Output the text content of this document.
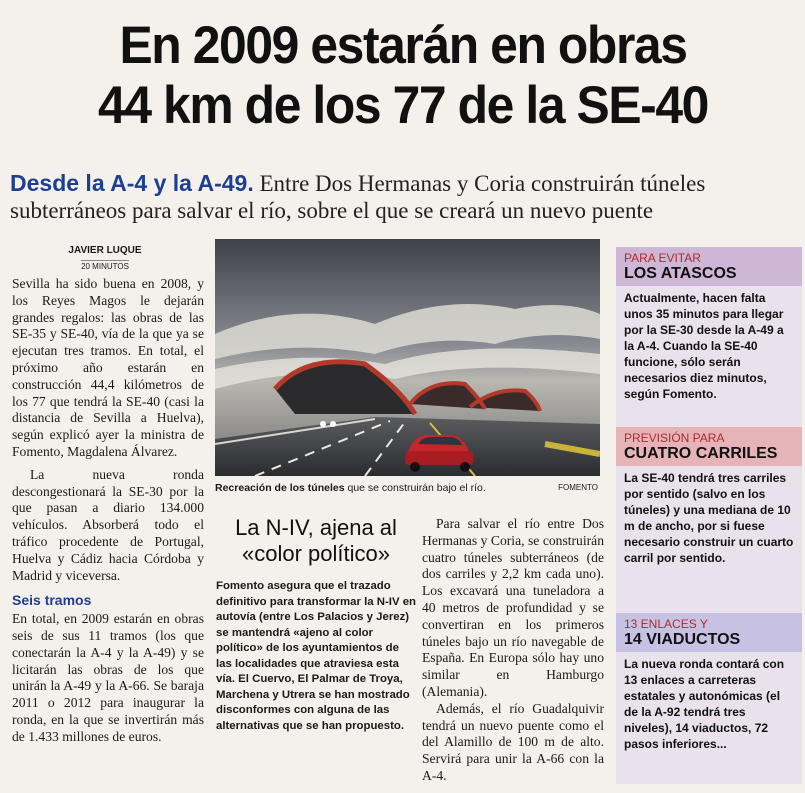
En 2009 estarán en obras
44 km de los 77 de la SE-40
Desde la A-4 y la A-49. Entre Dos Hermanas y Coria construirán túneles subterráneos para salvar el río, sobre el que se creará un nuevo puente
JAVIER LUQUE
20 MINUTOS

Sevilla ha sido buena en 2008, y los Reyes Magos le dejarán grandes regalos: las obras de las SE-35 y SE-40, vía de la que ya se ejecutan tres tramos. En total, el próximo año estarán en construcción 44,4 kilómetros de los 77 que tendrá la SE-40 (casi la distancia de Sevilla a Huelva), según explicó ayer la ministra de Fomento, Magdalena Álvarez.

La nueva ronda descongestionará la SE-30 por la que pasan a diario 134.000 vehículos. Absorberá todo el tráfico procedente de Portugal, Huelva y Cádiz hacia Córdoba y Madrid y viceversa.

Seis tramos

En total, en 2009 estarán en obras seis de sus 11 tramos (los que conectarán la A-4 y la A-49) y se licitarán las obras de los que unirán la A-49 y la A-66. Se baraja 2011 o 2012 para inaugurar la ronda, en la que se invertirán más de 1.433 millones de euros.

Recreación de los túneles que se construirán bajo el río.	FOMENTO
La N-IV, ajena al «color político»
Fomento asegura que el trazado definitivo para transformar la N-IV en autovía (entre Los Palacios y Jerez) se mantendrá «ajeno al color político» de los ayuntamientos de las localidades que atraviesa esta vía. El Cuervo, El Palmar de Troya, Marchena y Utrera se han mostrado disconformes con alguna de las alternativas que se han propuesto.

Para salvar el río entre Dos Hermanas y Coria, se construirán cuatro túneles subterráneos (de dos carriles y 2,2 km cada uno). Los excavará una tuneladora a 40 metros de profundidad y se convertiran en los primeros túneles bajo un río navegable de España. En Europa sólo hay uno similar en Hamburgo (Alemania).

Además, el río Guadalquivir tendrá un nuevo puente como el del Alamillo de 100 m de alto. Servirá para unir la A-66 con la A-4.

PARA EVITAR
LOS ATASCOS
Actualmente, hacen falta unos 35 minutos para llegar por la SE-30 desde la A-49 a la A-4. Cuando la SE-40 funcione, sólo serán necesarios diez minutos, según Fomento.
PREVISIÓN PARA
CUATRO CARRILES
La SE-40 tendrá tres carriles por sentido (salvo en los túneles) y una mediana de 10 m de ancho, por si fuese necesario construir un cuarto carril por sentido.
13 ENLACES Y
14 VIADUCTOS
La nueva ronda contará con 13 enlaces a carreteras estatales y autonómicas (el de la A-92 tendrá tres niveles), 14 viaductos, 72 pasos inferiores...
